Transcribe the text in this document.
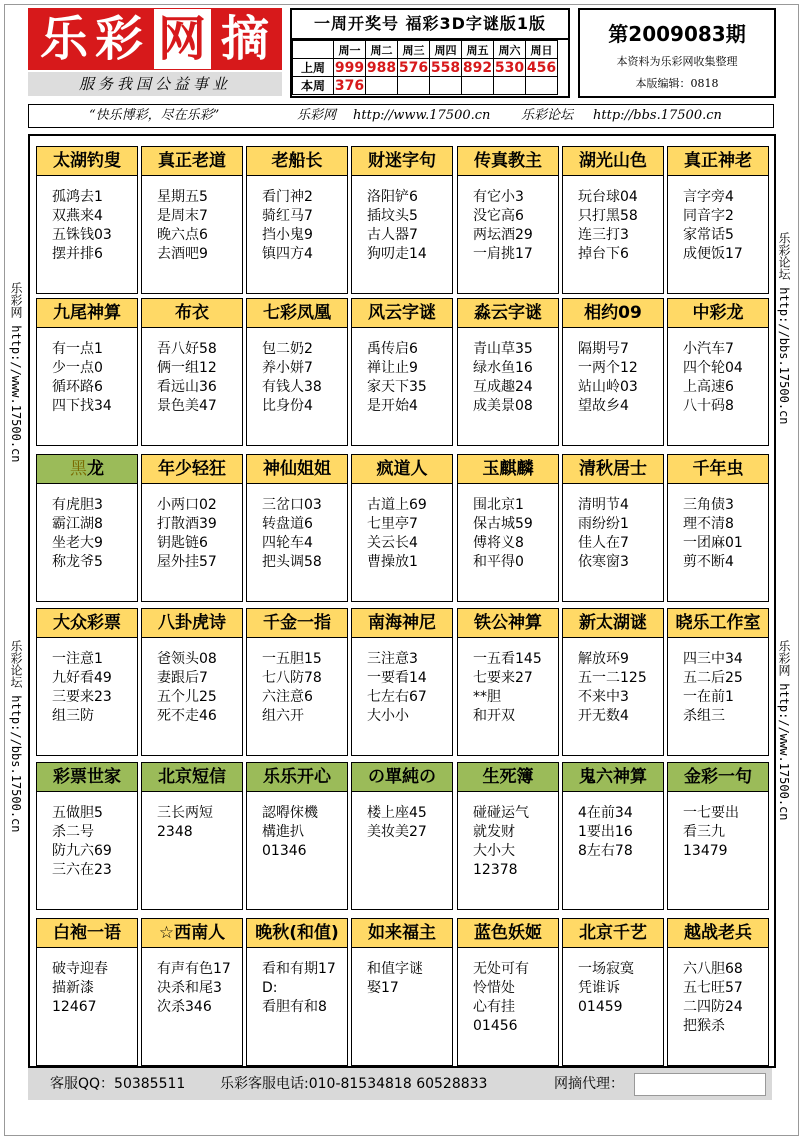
乐 彩 网 摘
服务我国公益事业
一周开奖号 福彩3D字谜版1版
	周一	周二	周三	周四	周五	周六	周日
上周	999	988	576	558	892	530	456
本周	376						
第2009083期
本资料为乐彩网收集整理
本版编辑：0818
“快乐博彩，尽在乐彩”	乐彩网 http://www.17500.cn 乐彩论坛 http://bbs.17500.cn
乐彩网 http://www.17500.cn
乐彩论坛 http://bbs.17500.cn
乐彩论坛 http://bbs.17500.cn
乐彩网 http://www.17500.cn
太湖钓叟
孤鸿去1
双燕来4
五铢钱03
摆并排6
真正老道
星期五5
是周末7
晚六点6
去酒吧9
老船长
看门神2
骑红马7
挡小鬼9
镇四方4
财迷字句
洛阳铲6
插坟头5
古人器7
狗叨走14
传真教主
有它小3
没它高6
两坛酒29
一肩挑17
湖光山色
玩台球04
只打黑58
连三打3
掉台下6
真正神老
言字旁4
同音字2
家常话5
成便饭17
九尾神算
有一点1
少一点0
循环路6
四下找34
布衣
吾八好58
俩一组12
看远山36
景色美47
七彩凤凰
包二奶2
养小姘7
有钱人38
比身份4
风云字谜
禹传启6
禅让止9
家天下35
是开始4
淼云字谜
青山草35
绿水鱼16
互成趣24
成美景08
相约09
隔期号7
一两个12
站山岭03
望故乡4
中彩龙
小汽车7
四个轮04
上高速6
八十码8
黑龙
有虎胆3
霸江湖8
坐老大9
称龙爷5
年少轻狂
小两口02
打散酒39
钥匙链6
屋外挂57
神仙姐姐
三岔口03
转盘道6
四轮车4
把头调58
疯道人
古道上69
七里亭7
关云长4
曹操放1
玉麒麟
围北京1
保古城59
傅将义8
和平得0
清秋居士
清明节4
雨纷纷1
佳人在7
依寒窗3
千年虫
三角债3
理不清8
一团麻01
剪不断4
大众彩票
一注意1
九好看49
三要来23
组三防
八卦虎诗
爸领头08
妻跟后7
五个儿25
死不走46
千金一指
一五胆15
七八防78
六注意6
组六开
南海神尼
三注意3
一要看14
七左右67
大小小
铁公神算
一五看145
七要来27
**胆
和开双
新太湖谜
解放环9
五一二125
不来中3
开无数4
晓乐工作室
四三中34
五二后25
一在前1
杀组三
彩票世家
五做胆5
杀二号
防九六69
三六在23
北京短信
三长两短
2348
乐乐开心
認嘚俕機
構進扒
01346
の單純の
楼上座45
美妆美27
生死簿
碰碰运气
就发财
大小大
12378
鬼六神算
4在前34
1要出16
8左右78
金彩一句
一七要出
看三九
13479
白袍一语
破寺迎春
描新漆
12467
☆西南人
有声有色17
决杀和尾3
次杀346
晚秋(和值)
看和有期17
D:
看胆有和8
如来福主
和值字谜
娶17
蓝色妖姬
无处可有
怜惜处
心有挂
01456
北京千艺
一场寂寞
凭谁诉
01459
越战老兵
六八胆68
五七旺57
二四防24
把猴杀
客服QQ：50385511 乐彩客服电话:010-81534818 60528833	网摘代理：
